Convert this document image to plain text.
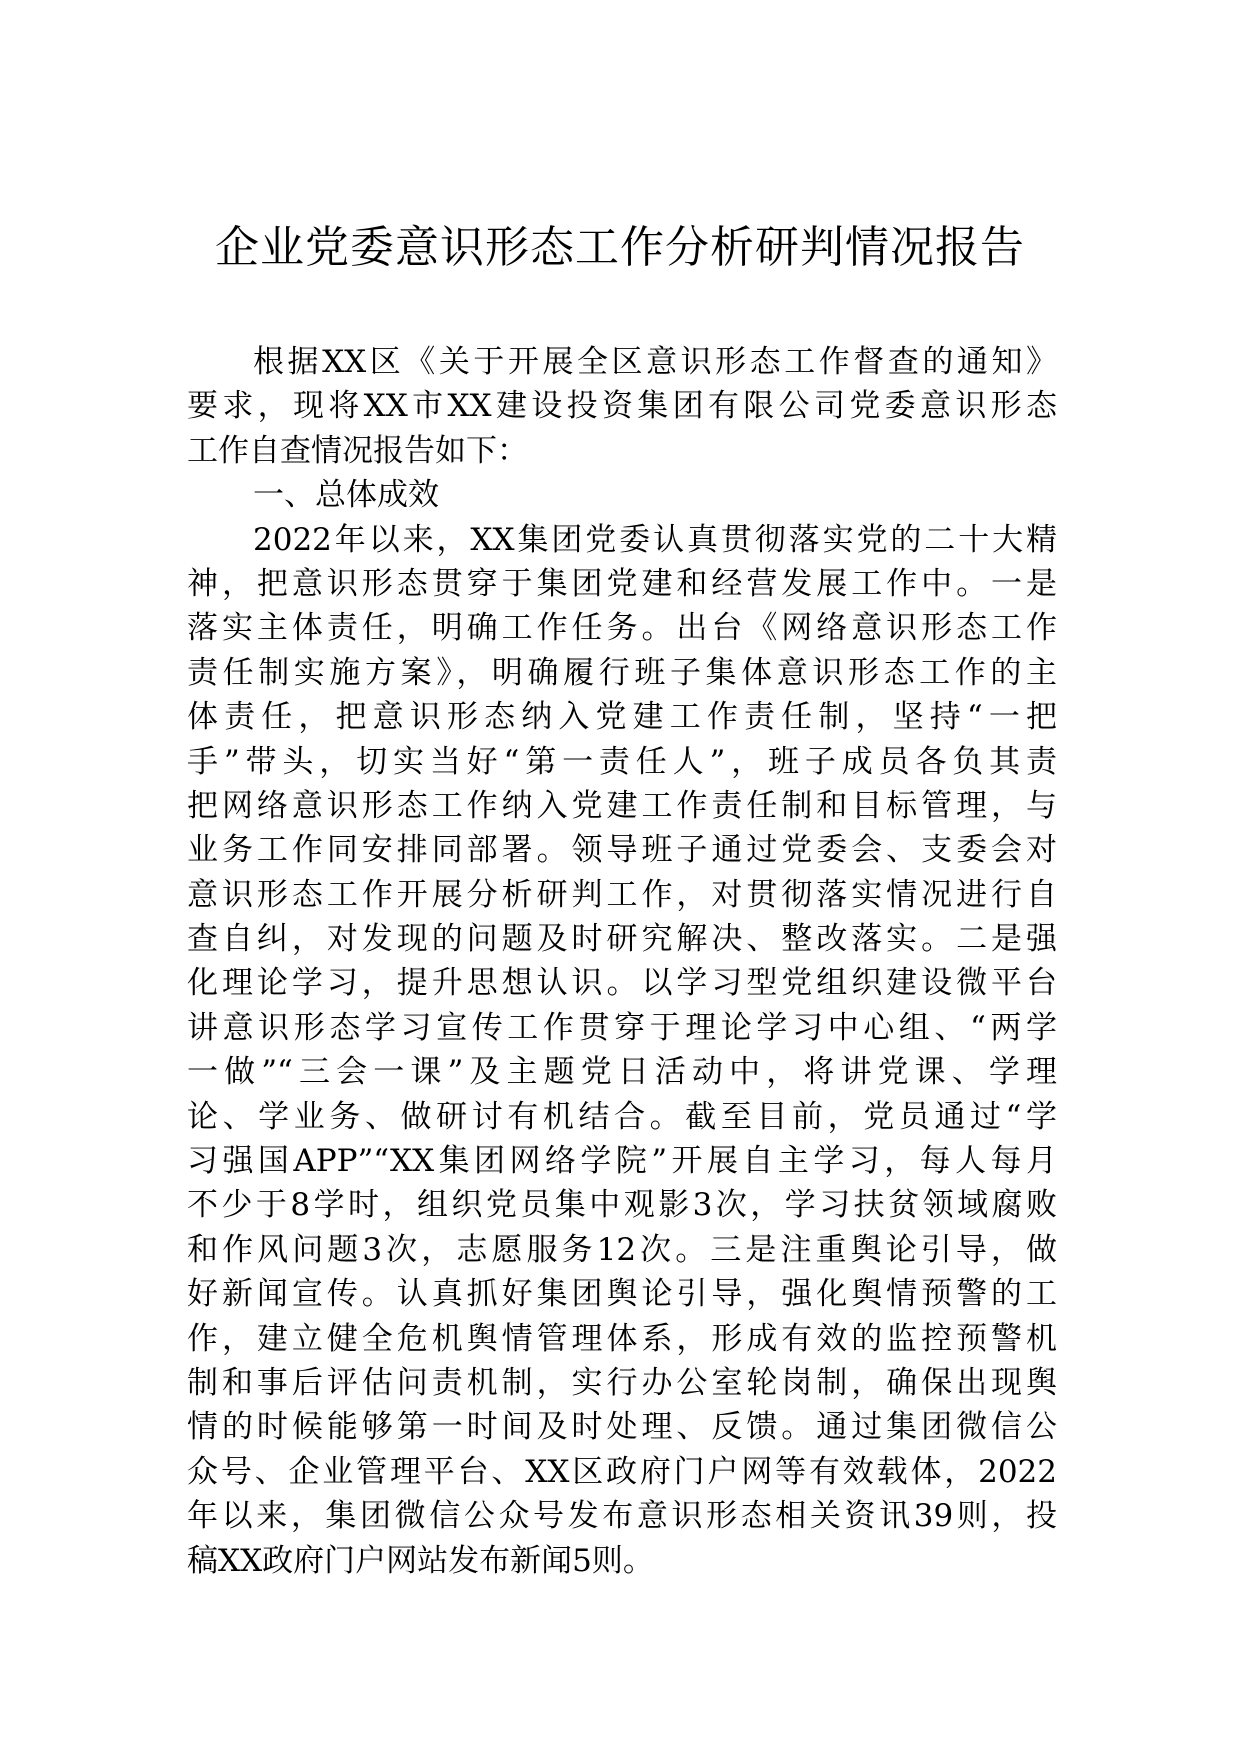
企业党委意识形态工作分析研判情况报告
根据XX区《关于开展全区意识形态工作督查的通知》
要求，现将XX市XX建设投资集团有限公司党委意识形态
工作自查情况报告如下：
一、总体成效
2022年以来，XX集团党委认真贯彻落实党的二十大精
神，把意识形态贯穿于集团党建和经营发展工作中。一是
落实主体责任，明确工作任务。出台《网络意识形态工作
责任制实施方案》，明确履行班子集体意识形态工作的主
体责任，把意识形态纳入党建工作责任制，坚持“一把
手”带头，切实当好“第一责任人”，班子成员各负其责
把网络意识形态工作纳入党建工作责任制和目标管理，与
业务工作同安排同部署。领导班子通过党委会、支委会对
意识形态工作开展分析研判工作，对贯彻落实情况进行自
查自纠，对发现的问题及时研究解决、整改落实。二是强
化理论学习，提升思想认识。以学习型党组织建设微平台
讲意识形态学习宣传工作贯穿于理论学习中心组、“两学
一做”“三会一课”及主题党日活动中，将讲党课、学理
论、学业务、做研讨有机结合。截至目前，党员通过“学
习强国APP”“XX集团网络学院”开展自主学习，每人每月
不少于8学时，组织党员集中观影3次，学习扶贫领域腐败
和作风问题3次，志愿服务12次。三是注重舆论引导，做
好新闻宣传。认真抓好集团舆论引导，强化舆情预警的工
作，建立健全危机舆情管理体系，形成有效的监控预警机
制和事后评估问责机制，实行办公室轮岗制，确保出现舆
情的时候能够第一时间及时处理、反馈。通过集团微信公
众号、企业管理平台、XX区政府门户网等有效载体，2022
年以来，集团微信公众号发布意识形态相关资讯39则，投
稿XX政府门户网站发布新闻5则。
